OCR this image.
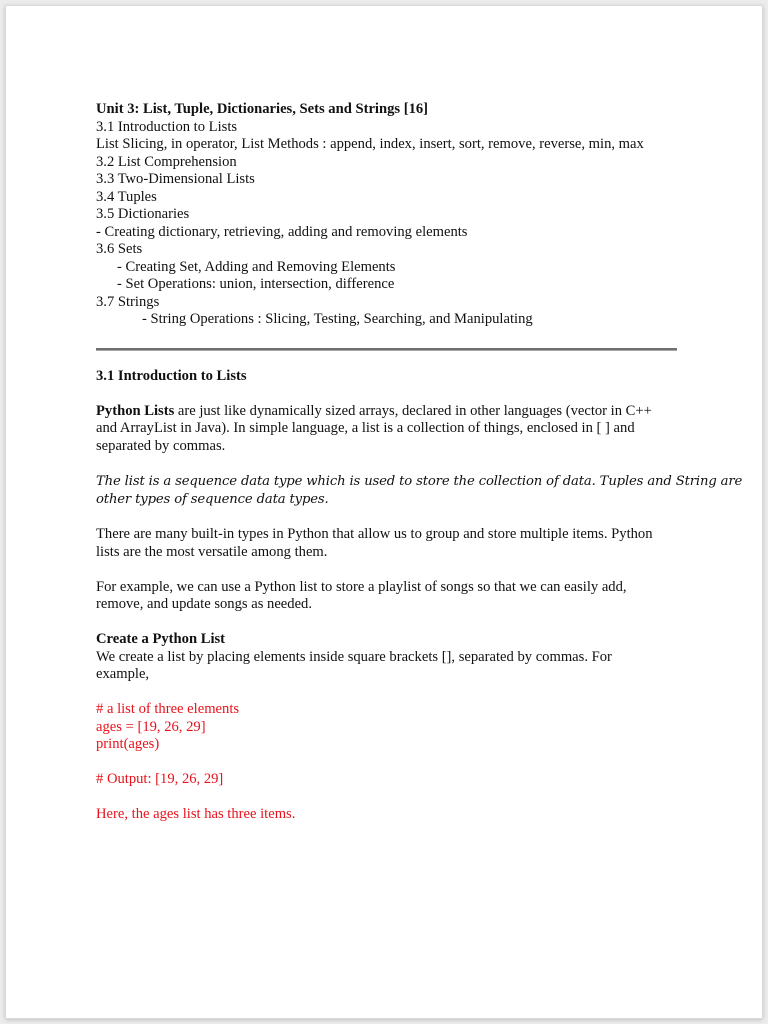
Unit 3: List, Tuple, Dictionaries, Sets and Strings [16]
3.1 Introduction to Lists
List Slicing, in operator, List Methods : append, index, insert, sort, remove, reverse, min, max
3.2 List Comprehension
3.3 Two-Dimensional Lists
3.4 Tuples
3.5 Dictionaries
- Creating dictionary, retrieving, adding and removing elements
3.6 Sets
- Creating Set, Adding and Removing Elements
- Set Operations: union, intersection, difference
3.7 Strings
- String Operations : Slicing, Testing, Searching, and Manipulating
3.1 Introduction to Lists
Python Lists are just like dynamically sized arrays, declared in other languages (vector in C++
and ArrayList in Java). In simple language, a list is a collection of things, enclosed in [ ] and
separated by commas.
The list is a sequence data type which is used to store the collection of data. Tuples and String are
other types of sequence data types.
There are many built-in types in Python that allow us to group and store multiple items. Python
lists are the most versatile among them.
For example, we can use a Python list to store a playlist of songs so that we can easily add,
remove, and update songs as needed.
Create a Python List
We create a list by placing elements inside square brackets [], separated by commas. For
example,
# a list of three elements
ages = [19, 26, 29]
print(ages)
# Output: [19, 26, 29]
Here, the ages list has three items.
